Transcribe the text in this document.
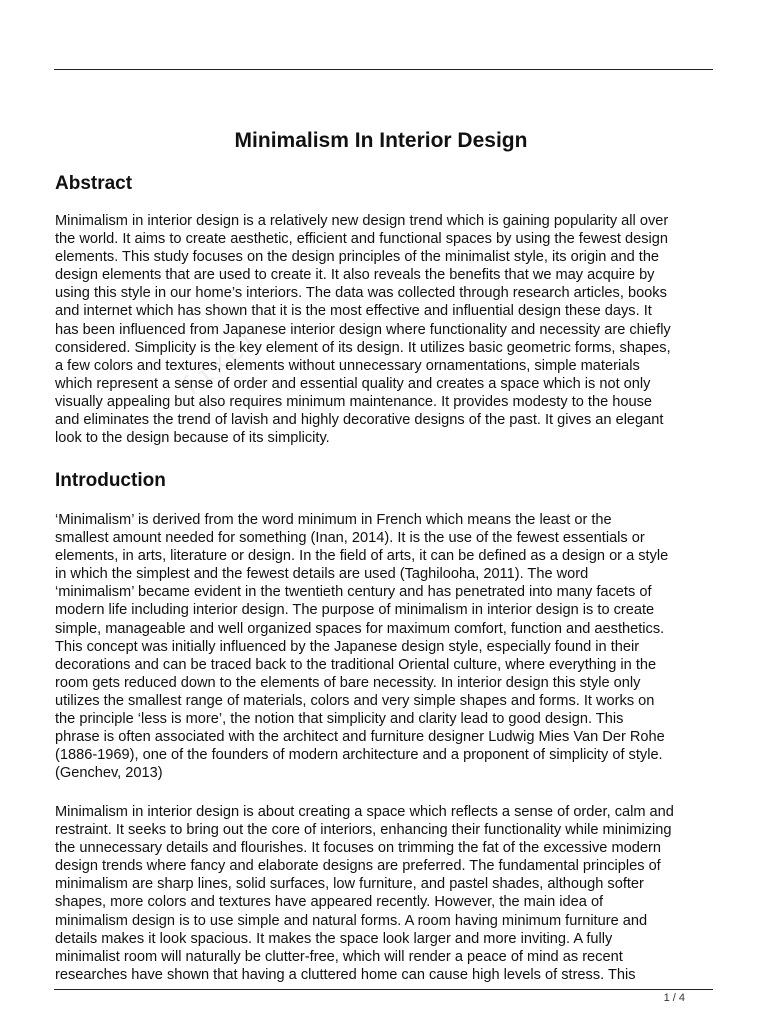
fixel
Minimalism In Interior Design
Abstract

Minimalism in interior design is a relatively new design trend which is gaining popularity all over
the world. It aims to create aesthetic, efficient and functional spaces by using the fewest design
elements. This study focuses on the design principles of the minimalist style, its origin and the
design elements that are used to create it. It also reveals the benefits that we may acquire by
using this style in our home’s interiors. The data was collected through research articles, books
and internet which has shown that it is the most effective and influential design these days. It
has been influenced from Japanese interior design where functionality and necessity are chiefly
considered. Simplicity is the key element of its design. It utilizes basic geometric forms, shapes,
a few colors and textures, elements without unnecessary ornamentations, simple materials
which represent a sense of order and essential quality and creates a space which is not only
visually appealing but also requires minimum maintenance. It provides modesty to the house
and eliminates the trend of lavish and highly decorative designs of the past. It gives an elegant
look to the design because of its simplicity.

Introduction

‘Minimalism’ is derived from the word minimum in French which means the least or the
smallest amount needed for something (Inan, 2014). It is the use of the fewest essentials or
elements, in arts, literature or design. In the field of arts, it can be defined as a design or a style
in which the simplest and the fewest details are used (Taghilooha, 2011). The word
‘minimalism’ became evident in the twentieth century and has penetrated into many facets of
modern life including interior design. The purpose of minimalism in interior design is to create
simple, manageable and well organized spaces for maximum comfort, function and aesthetics.
This concept was initially influenced by the Japanese design style, especially found in their
decorations and can be traced back to the traditional Oriental culture, where everything in the
room gets reduced down to the elements of bare necessity. In interior design this style only
utilizes the smallest range of materials, colors and very simple shapes and forms. It works on
the principle ‘less is more’, the notion that simplicity and clarity lead to good design. This
phrase is often associated with the architect and furniture designer Ludwig Mies Van Der Rohe
(1886-1969), one of the founders of modern architecture and a proponent of simplicity of style.
(Genchev, 2013)

Minimalism in interior design is about creating a space which reflects a sense of order, calm and
restraint. It seeks to bring out the core of interiors, enhancing their functionality while minimizing
the unnecessary details and flourishes. It focuses on trimming the fat of the excessive modern
design trends where fancy and elaborate designs are preferred. The fundamental principles of
minimalism are sharp lines, solid surfaces, low furniture, and pastel shades, although softer
shapes, more colors and textures have appeared recently. However, the main idea of
minimalism design is to use simple and natural forms. A room having minimum furniture and
details makes it look spacious. It makes the space look larger and more inviting. A fully
minimalist room will naturally be clutter-free, which will render a peace of mind as recent
researches have shown that having a cluttered home can cause high levels of stress. This

1 / 4
